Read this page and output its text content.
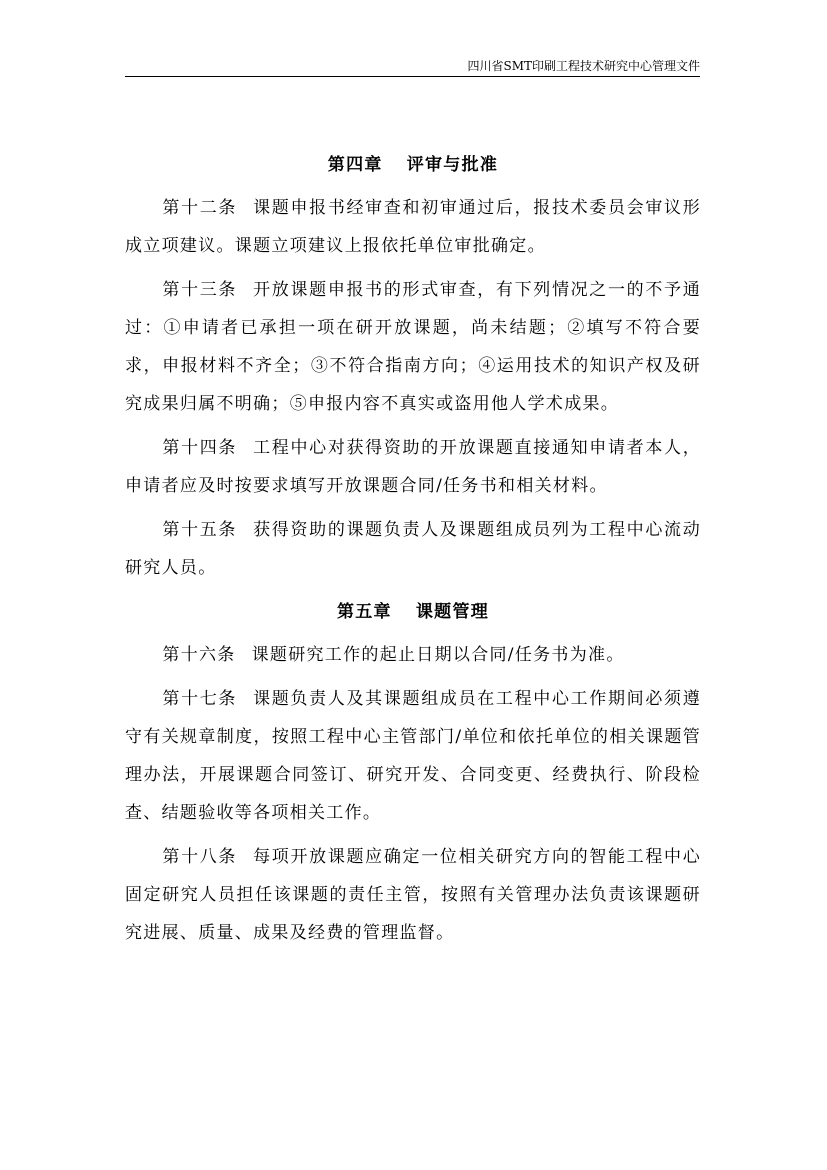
四川省SMT印刷工程技术研究中心管理文件
第四章 评审与批准

第十二条 课题申报书经审查和初审通过后，报技术委员会审议形成立项建议。课题立项建议上报依托单位审批确定。

第十三条 开放课题申报书的形式审查，有下列情况之一的不予通过：①申请者已承担一项在研开放课题，尚未结题；②填写不符合要求，申报材料不齐全；③不符合指南方向；④运用技术的知识产权及研究成果归属不明确；⑤申报内容不真实或盗用他人学术成果。

第十四条 工程中心对获得资助的开放课题直接通知申请者本人，申请者应及时按要求填写开放课题合同/任务书和相关材料。

第十五条 获得资助的课题负责人及课题组成员列为工程中心流动研究人员。

第五章 课题管理

第十六条 课题研究工作的起止日期以合同/任务书为准。

第十七条 课题负责人及其课题组成员在工程中心工作期间必须遵守有关规章制度，按照工程中心主管部门/单位和依托单位的相关课题管理办法，开展课题合同签订、研究开发、合同变更、经费执行、阶段检查、结题验收等各项相关工作。

第十八条 每项开放课题应确定一位相关研究方向的智能工程中心固定研究人员担任该课题的责任主管，按照有关管理办法负责该课题研究进展、质量、成果及经费的管理监督。
